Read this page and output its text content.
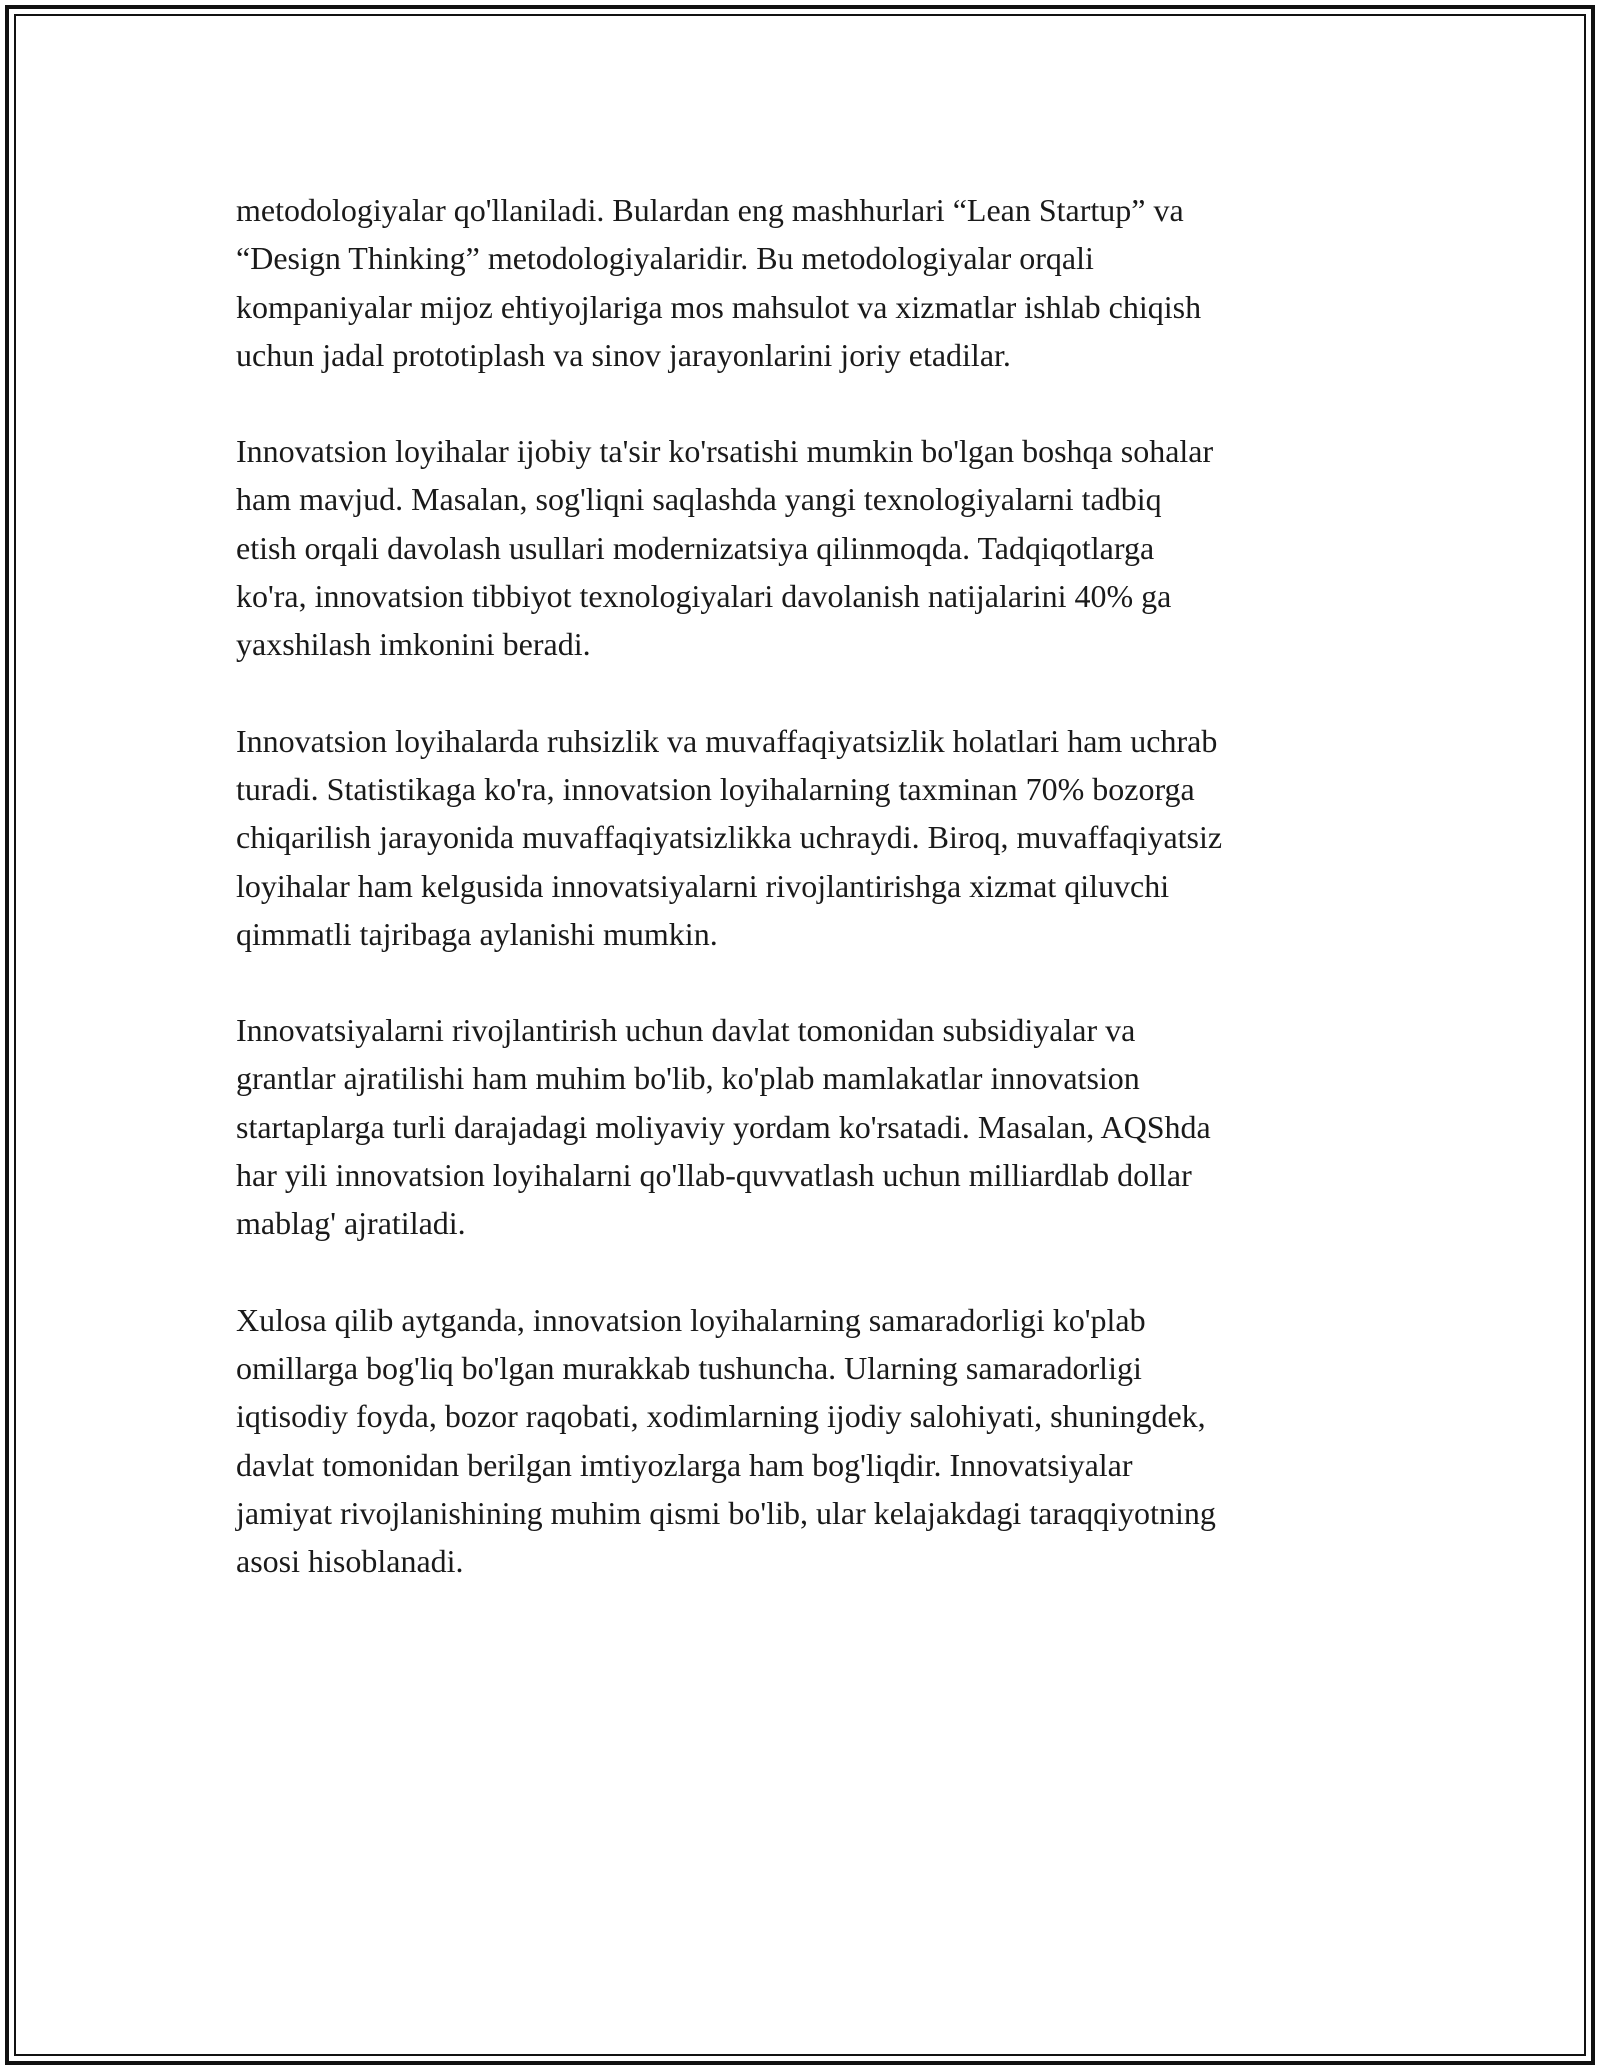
metodologiyalar qo'llaniladi. Bulardan eng mashhurlari “Lean Startup” va
“Design Thinking” metodologiyalaridir. Bu metodologiyalar orqali
kompaniyalar mijoz ehtiyojlariga mos mahsulot va xizmatlar ishlab chiqish
uchun jadal prototiplash va sinov jarayonlarini joriy etadilar.

Innovatsion loyihalar ijobiy ta'sir ko'rsatishi mumkin bo'lgan boshqa sohalar
ham mavjud. Masalan, sog'liqni saqlashda yangi texnologiyalarni tadbiq
etish orqali davolash usullari modernizatsiya qilinmoqda. Tadqiqotlarga
ko'ra, innovatsion tibbiyot texnologiyalari davolanish natijalarini 40% ga
yaxshilash imkonini beradi.

Innovatsion loyihalarda ruhsizlik va muvaffaqiyatsizlik holatlari ham uchrab
turadi. Statistikaga ko'ra, innovatsion loyihalarning taxminan 70% bozorga
chiqarilish jarayonida muvaffaqiyatsizlikka uchraydi. Biroq, muvaffaqiyatsiz
loyihalar ham kelgusida innovatsiyalarni rivojlantirishga xizmat qiluvchi
qimmatli tajribaga aylanishi mumkin.

Innovatsiyalarni rivojlantirish uchun davlat tomonidan subsidiyalar va
grantlar ajratilishi ham muhim bo'lib, ko'plab mamlakatlar innovatsion
startaplarga turli darajadagi moliyaviy yordam ko'rsatadi. Masalan, AQShda
har yili innovatsion loyihalarni qo'llab-quvvatlash uchun milliardlab dollar
mablag' ajratiladi.

Xulosa qilib aytganda, innovatsion loyihalarning samaradorligi ko'plab
omillarga bog'liq bo'lgan murakkab tushuncha. Ularning samaradorligi
iqtisodiy foyda, bozor raqobati, xodimlarning ijodiy salohiyati, shuningdek,
davlat tomonidan berilgan imtiyozlarga ham bog'liqdir. Innovatsiyalar
jamiyat rivojlanishining muhim qismi bo'lib, ular kelajakdagi taraqqiyotning
asosi hisoblanadi.
